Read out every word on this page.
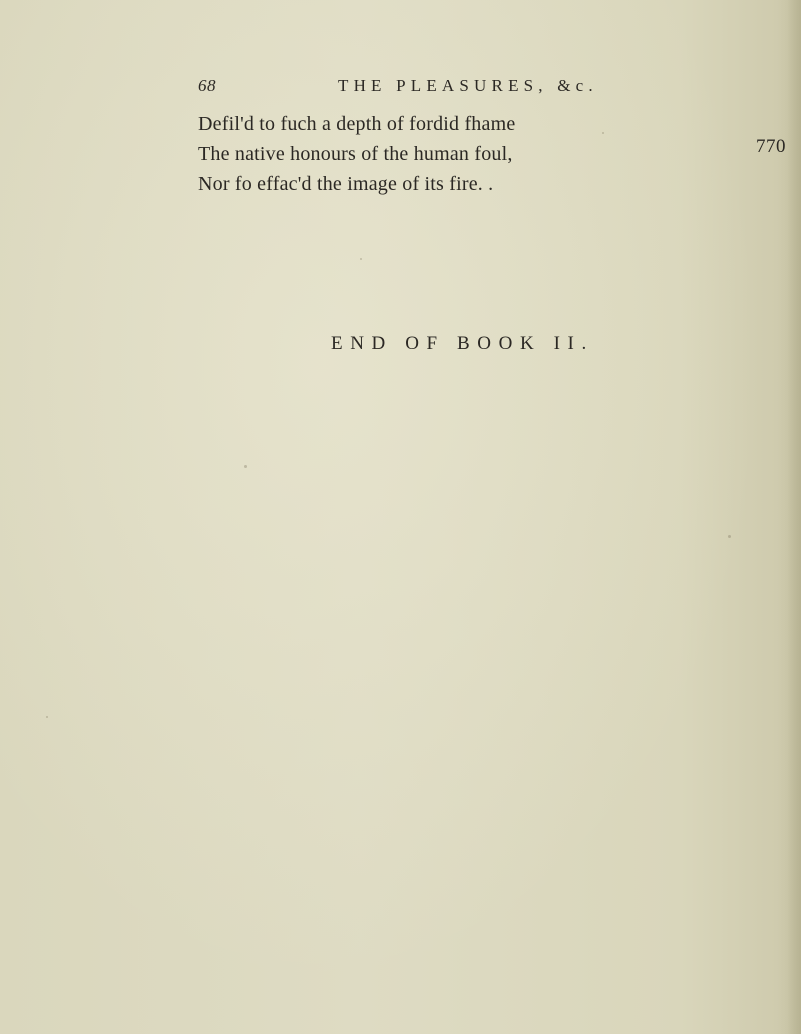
68	THE PLEASURES, &c.
Defil'd to fuch a depth of fordid fhame
The native honours of the human foul,
Nor fo effac'd the image of its fire. .
770
END OF BOOK II.
